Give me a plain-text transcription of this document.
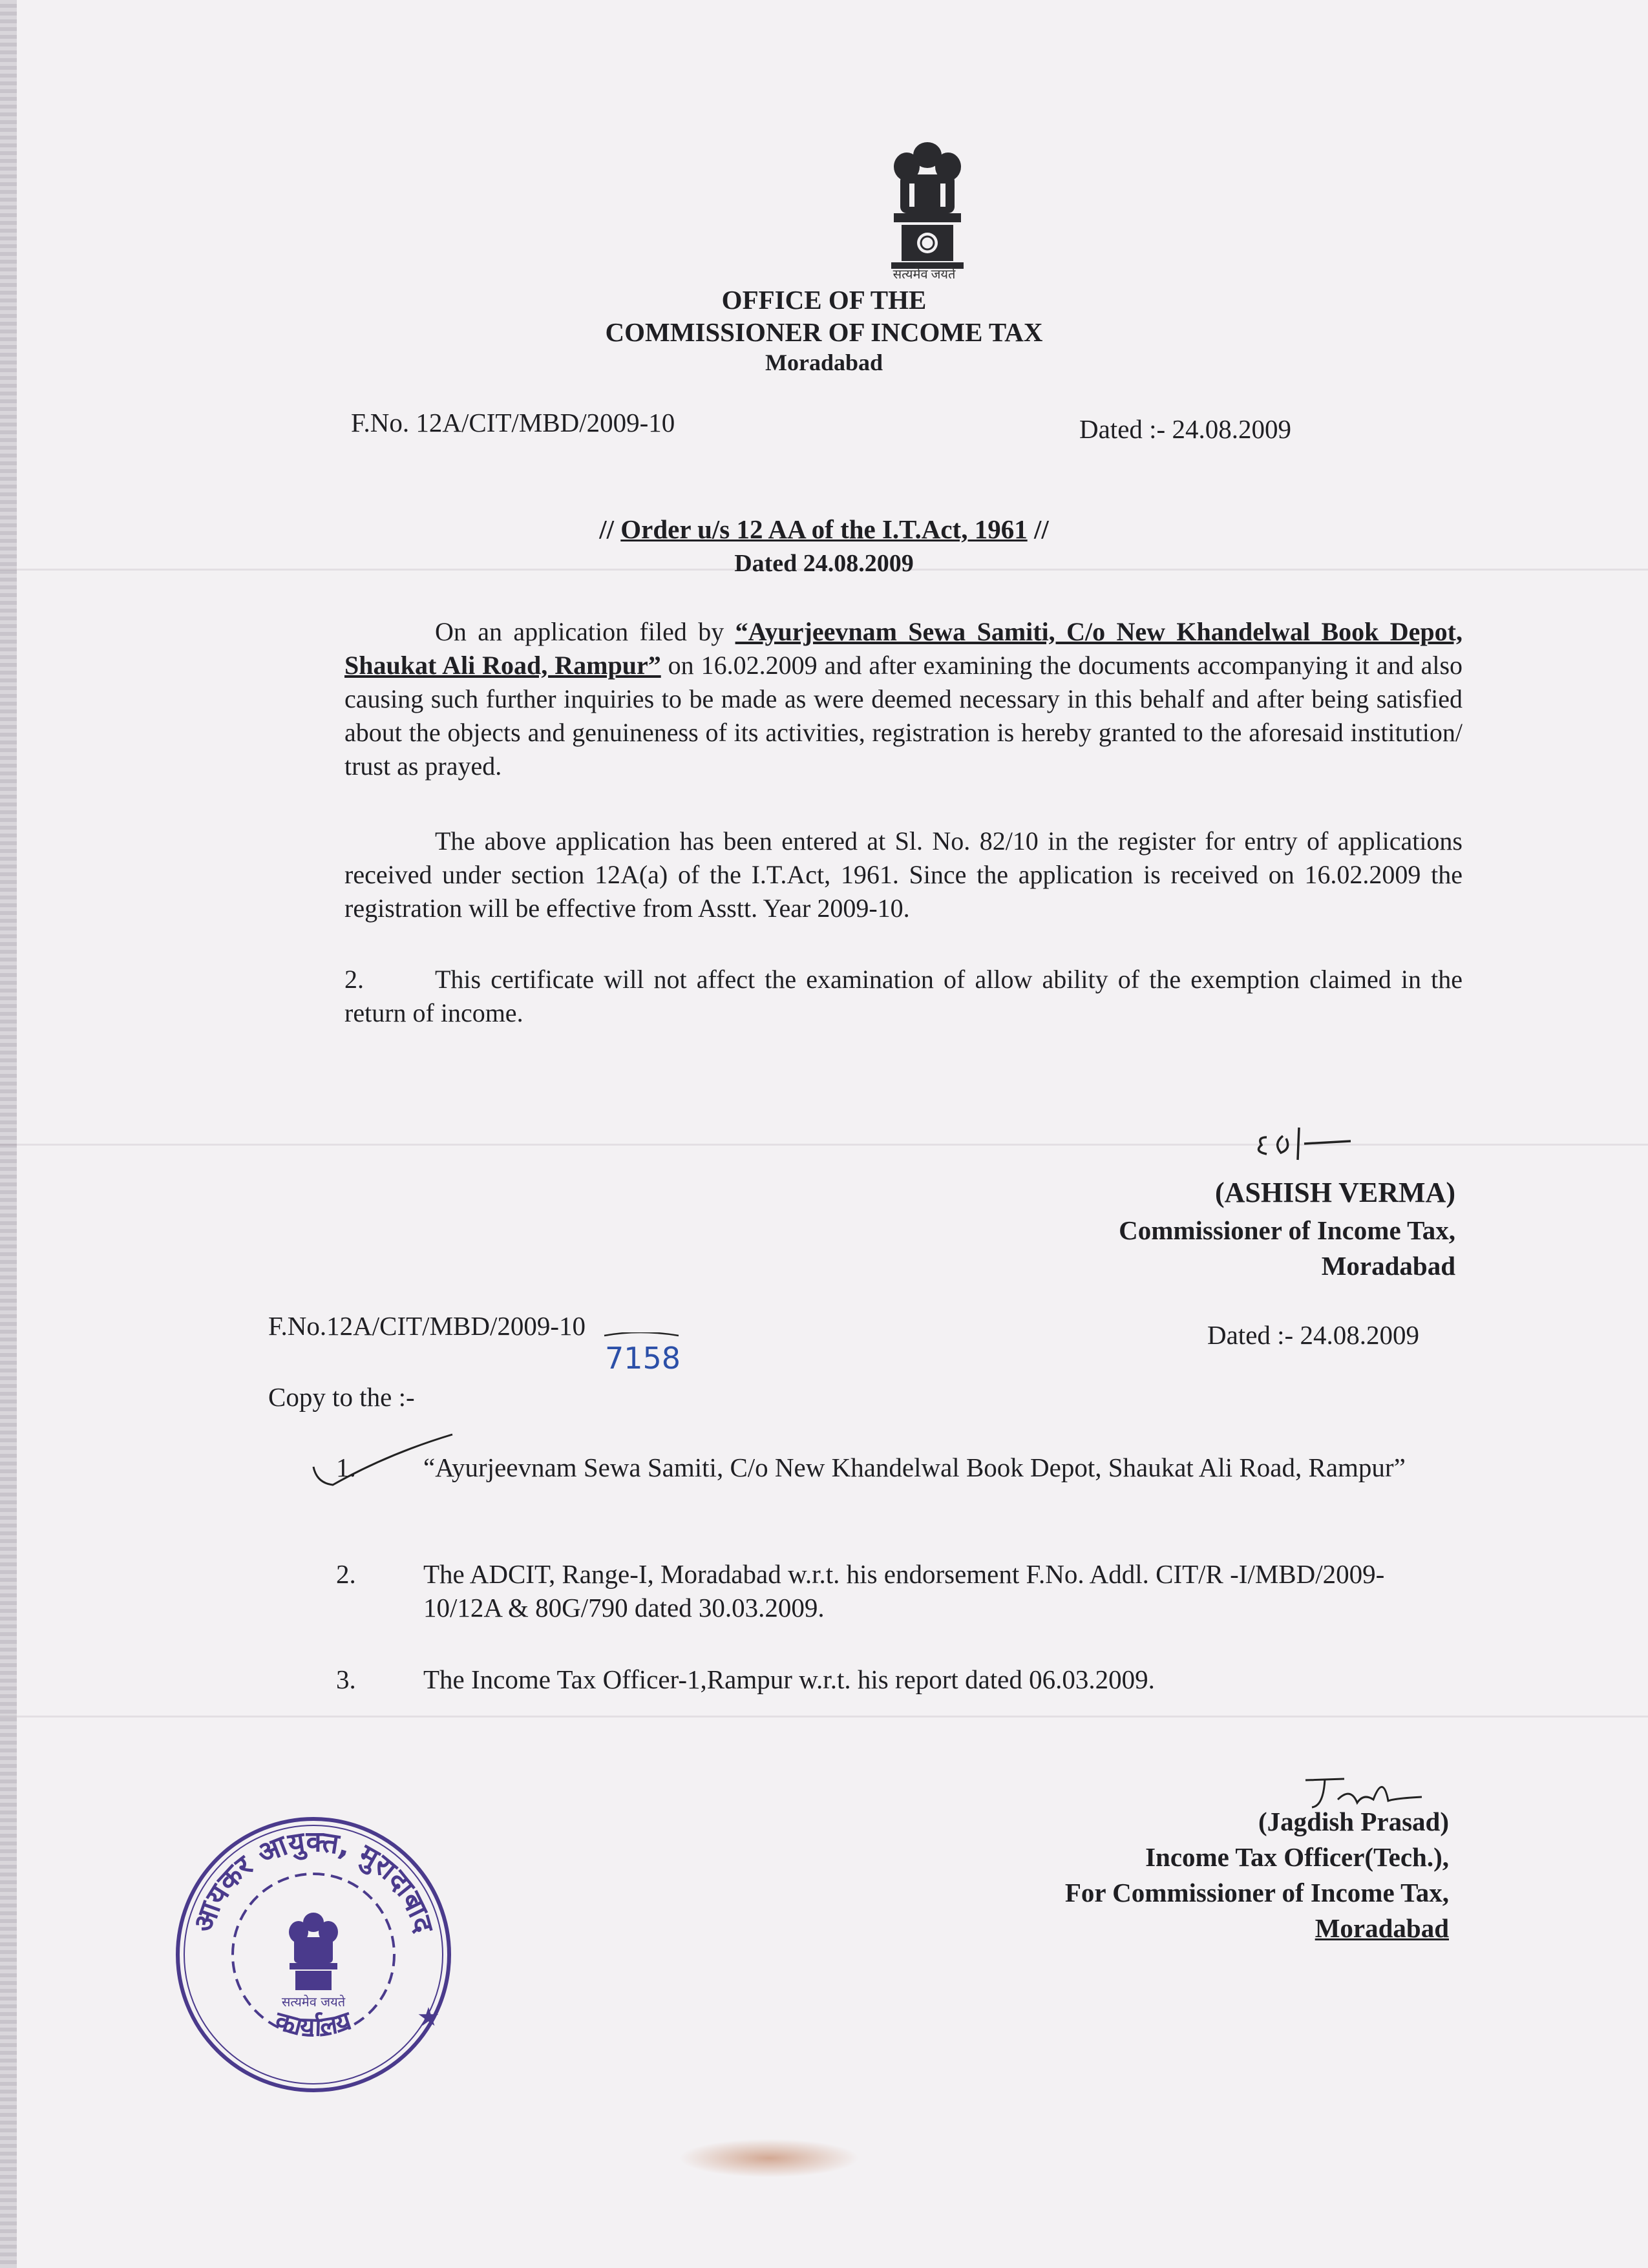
सत्यमेव जयते
OFFICE OF THE
COMMISSIONER OF INCOME TAX
Moradabad
F.No. 12A/CIT/MBD/2009-10	Dated :- 24.08.2009
// Order u/s 12 AA of the I.T.Act, 1961 //
Dated 24.08.2009
On an application filed by “Ayurjeevnam Sewa Samiti, C/o New Khandelwal Book Depot, Shaukat Ali Road, Rampur” on 16.02.2009 and after examining the documents accompanying it and also causing such further inquiries to be made as were deemed necessary in this behalf and after being satisfied about the objects and genuineness of its activities, registration is hereby granted to the aforesaid institution/ trust as prayed.
The above application has been entered at Sl. No. 82/10 in the register for entry of applications received under section 12A(a) of the I.T.Act, 1961. Since the application is received on 16.02.2009 the registration will be effective from Asstt. Year 2009-10.
2.	This certificate will not affect the examination of allow ability of the exemption claimed in the return of income.
(ASHISH VERMA)
Commissioner of Income Tax,
Moradabad
F.No.12A/CIT/MBD/2009-10
7158
Dated :- 24.08.2009
Copy to the :-
1.	“Ayurjeevnam Sewa Samiti, C/o New Khandelwal Book Depot, Shaukat Ali Road, Rampur”
2.	The ADCIT, Range-I, Moradabad w.r.t. his endorsement F.No. Addl. CIT/R -I/MBD/2009-10/12A & 80G/790 dated 30.03.2009.
3.	The Income Tax Officer-1,Rampur w.r.t. his report dated 06.03.2009.
(Jagdish Prasad)
Income Tax Officer(Tech.),
For Commissioner of Income Tax,
Moradabad
आयकर आयुक्त, मुरादाबाद
कार्यालय
सत्यमेव जयते
★
